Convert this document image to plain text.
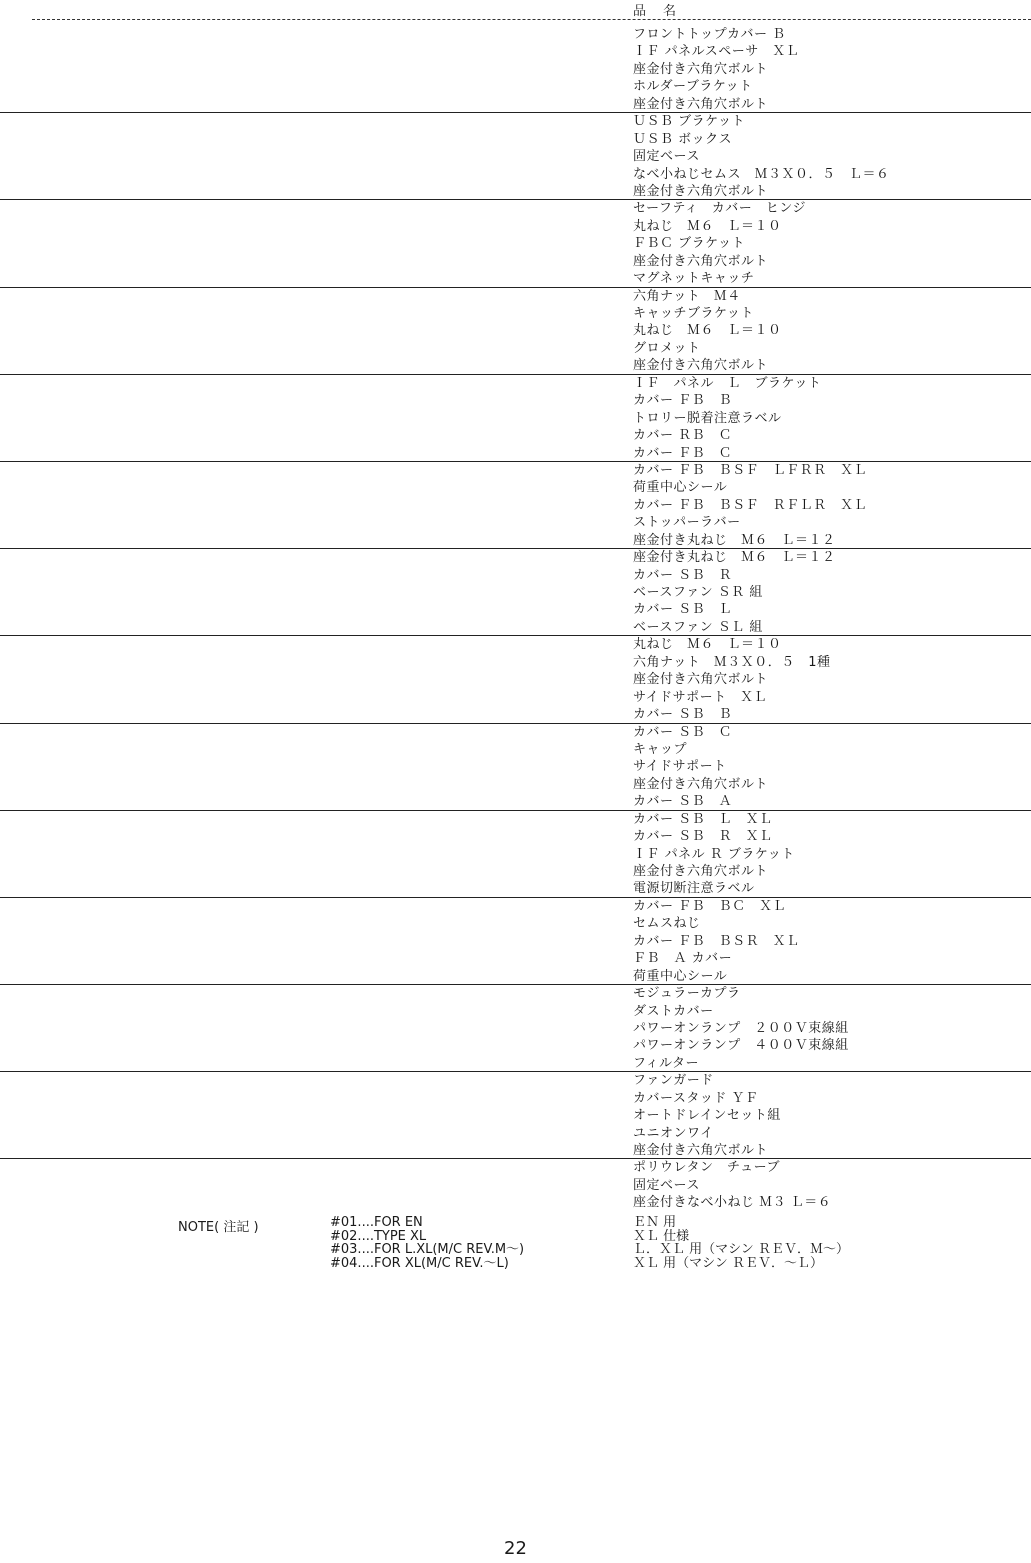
品　名
フロントトップカバー Ｂ
ＩＦ パネルスペーサ　ＸＬ
座金付き六角穴ボルト
ホルダーブラケット
座金付き六角穴ボルト
ＵＳＢ ブラケット
ＵＳＢ ボックス
固定ベース
なべ小ねじセムス　Ｍ３Ｘ０．５　Ｌ＝６
座金付き六角穴ボルト
セーフティ　カバー　ヒンジ
丸ねじ　Ｍ６　Ｌ＝１０
ＦＢＣ ブラケット
座金付き六角穴ボルト
マグネットキャッチ
六角ナット　Ｍ４
キャッチブラケット
丸ねじ　Ｍ６　Ｌ＝１０
グロメット
座金付き六角穴ボルト
ＩＦ　パネル　Ｌ　ブラケット
カバー ＦＢ　Ｂ
トロリー脱着注意ラベル
カバー ＲＢ　Ｃ
カバー ＦＢ　Ｃ
カバー ＦＢ　ＢＳＦ　ＬＦＲＲ　ＸＬ
荷重中心シール
カバー ＦＢ　ＢＳＦ　ＲＦＬＲ　ＸＬ
ストッパーラバー
座金付き丸ねじ　Ｍ６　Ｌ＝１２
座金付き丸ねじ　Ｍ６　Ｌ＝１２
カバー ＳＢ　Ｒ
ベースファン ＳＲ 組
カバー ＳＢ　Ｌ
ベースファン ＳＬ 組
丸ねじ　Ｍ６　Ｌ＝１０
六角ナット　Ｍ３Ｘ０．５　1種
座金付き六角穴ボルト
サイドサポート　ＸＬ
カバー ＳＢ　Ｂ
カバー ＳＢ　Ｃ
キャップ
サイドサポート
座金付き六角穴ボルト
カバー ＳＢ　Ａ
カバー ＳＢ　Ｌ　ＸＬ
カバー ＳＢ　Ｒ　ＸＬ
ＩＦ パネル Ｒ ブラケット
座金付き六角穴ボルト
電源切断注意ラベル
カバー ＦＢ　ＢＣ　ＸＬ
セムスねじ
カバー ＦＢ　ＢＳＲ　ＸＬ
ＦＢ　Ａ カバー
荷重中心シール
モジュラーカプラ
ダストカバー
パワーオンランプ　２００Ｖ束線組
パワーオンランプ　４００Ｖ束線組
フィルター
ファンガード
カバースタッド ＹＦ
オートドレインセット組
ユニオンワイ
座金付き六角穴ボルト
ポリウレタン　チューブ
固定ベース
座金付きなべ小ねじ Ｍ３ Ｌ＝６
NOTE( 注記 )	#01....FOR EN
#02....TYPE XL
#03....FOR L.XL(M/C REV.M～)
#04....FOR XL(M/C REV.～L)
ＥＮ 用
ＸＬ 仕様
Ｌ．ＸＬ 用（マシン ＲＥＶ．Ｍ～）
ＸＬ 用（マシン ＲＥＶ．～Ｌ）
22
